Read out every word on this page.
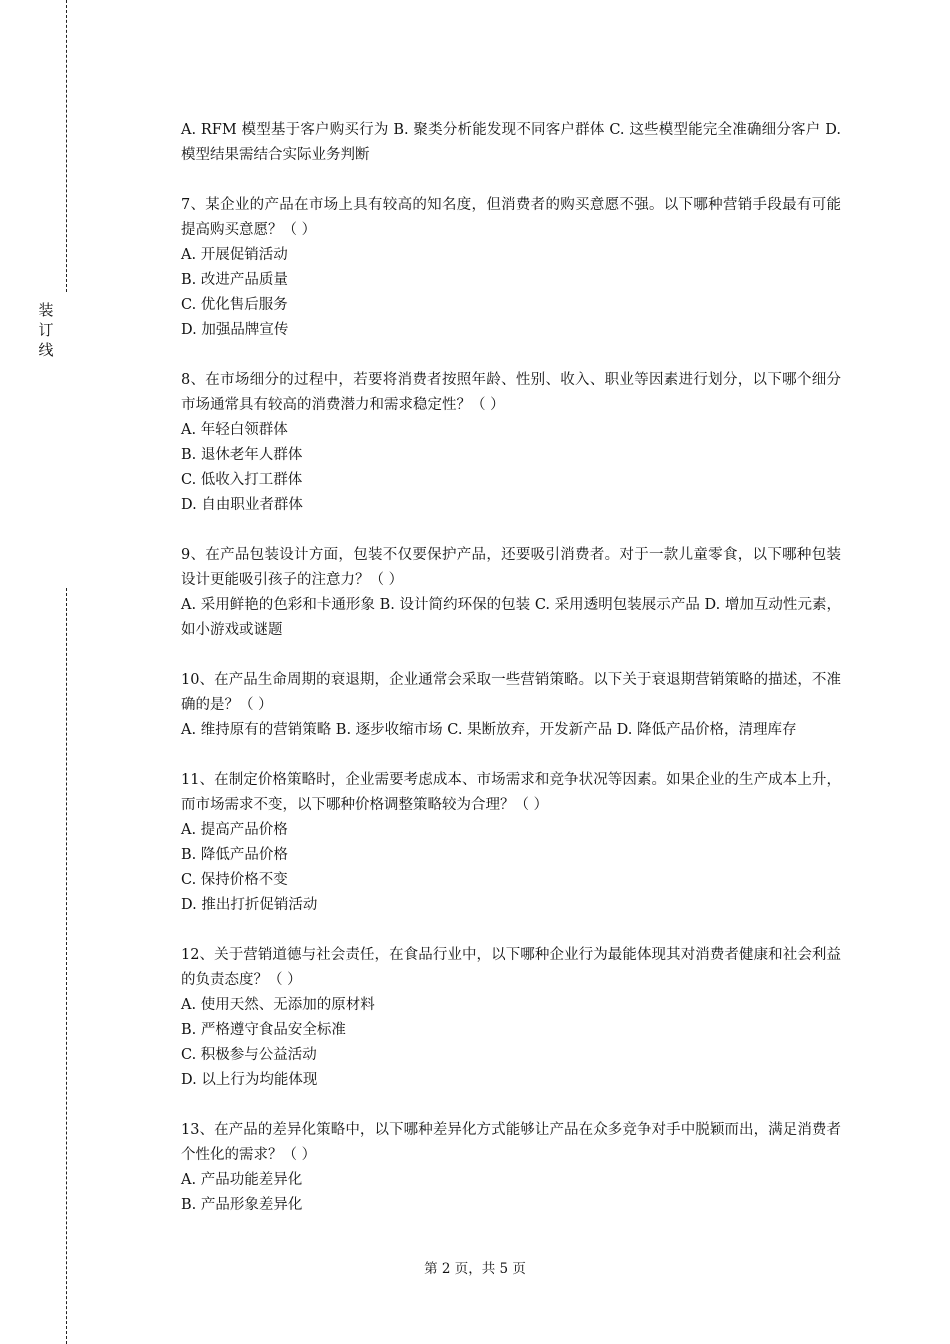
装
订
线

A. RFM 模型基于客户购买行为 B. 聚类分析能发现不同客户群体 C. 这些模型能完全准确细分客户 D. 模型结果需结合实际业务判断

7、某企业的产品在市场上具有较高的知名度，但消费者的购买意愿不强。以下哪种营销手段最有可能提高购买意愿？（ ）

A. 开展促销活动

B. 改进产品质量

C. 优化售后服务

D. 加强品牌宣传

8、在市场细分的过程中，若要将消费者按照年龄、性别、收入、职业等因素进行划分，以下哪个细分市场通常具有较高的消费潜力和需求稳定性？（ ）

A. 年轻白领群体

B. 退休老年人群体

C. 低收入打工群体

D. 自由职业者群体

9、在产品包装设计方面，包装不仅要保护产品，还要吸引消费者。对于一款儿童零食，以下哪种包装设计更能吸引孩子的注意力？（ ）

A. 采用鲜艳的色彩和卡通形象 B. 设计简约环保的包装 C. 采用透明包装展示产品 D. 增加互动性元素，如小游戏或谜题

10、在产品生命周期的衰退期，企业通常会采取一些营销策略。以下关于衰退期营销策略的描述，不准确的是？（ ）

A. 维持原有的营销策略 B. 逐步收缩市场 C. 果断放弃，开发新产品 D. 降低产品价格，清理库存

11、在制定价格策略时，企业需要考虑成本、市场需求和竞争状况等因素。如果企业的生产成本上升，而市场需求不变，以下哪种价格调整策略较为合理？（ ）

A. 提高产品价格

B. 降低产品价格

C. 保持价格不变

D. 推出打折促销活动

12、关于营销道德与社会责任，在食品行业中，以下哪种企业行为最能体现其对消费者健康和社会利益的负责态度？（ ）

A. 使用天然、无添加的原材料

B. 严格遵守食品安全标准

C. 积极参与公益活动

D. 以上行为均能体现

13、在产品的差异化策略中，以下哪种差异化方式能够让产品在众多竞争对手中脱颖而出，满足消费者个性化的需求？（ ）

A. 产品功能差异化

B. 产品形象差异化

第 2 页，共 5 页
